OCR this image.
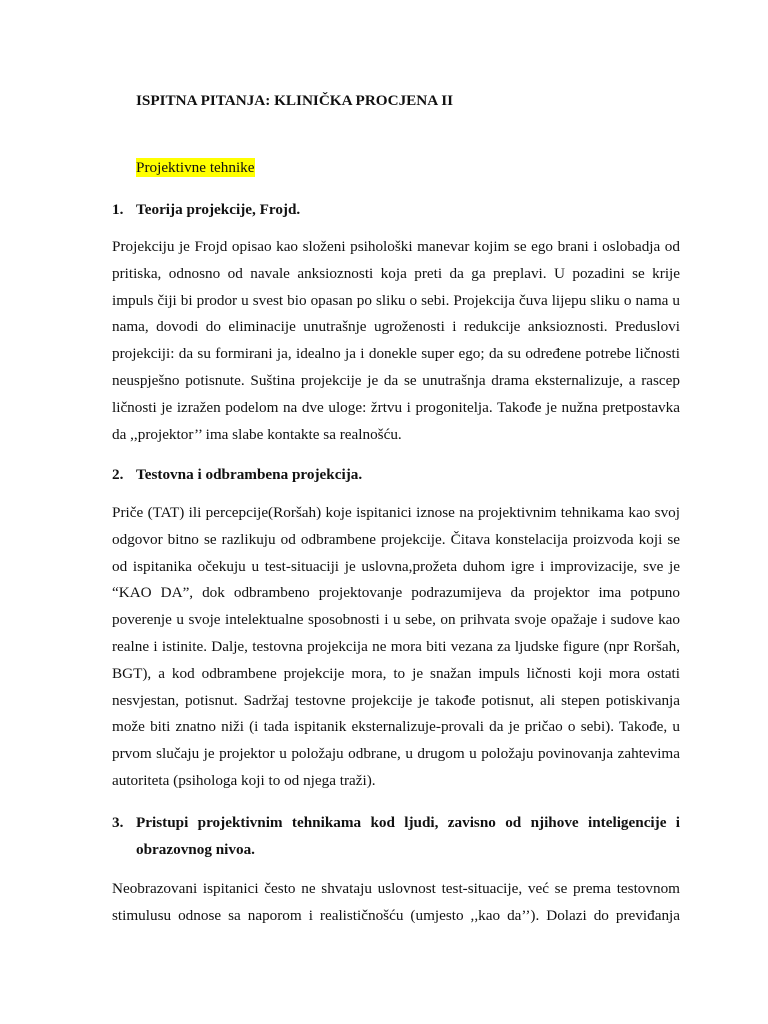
ISPITNA PITANJA: KLINIČKA PROCJENA II

Projektivne tehnike

1. Teorija projekcije, Frojd.
Projekciju je Frojd opisao kao složeni psihološki manevar kojim se ego brani i oslobadja od
pritiska, odnosno od navale anksioznosti koja preti da ga preplavi. U pozadini se krije
impuls čiji bi prodor u svest bio opasan po sliku o sebi. Projekcija čuva lijepu sliku o nama u
nama, dovodi do eliminacije unutrašnje ugroženosti i redukcije anksioznosti. Preduslovi
projekciji: da su formirani ja, idealno ja i donekle super ego; da su određene potrebe ličnosti
neuspješno potisnute. Suština projekcije je da se unutrašnja drama eksternalizuje, a rascep
ličnosti je izražen podelom na dve uloge: žrtvu i progonitelja. Takođe je nužna pretpostavka
da ,,projektor’’ ima slabe kontakte sa realnošću.
2. Testovna i odbrambena projekcija.
Priče (TAT) ili percepcije(Roršah) koje ispitanici iznose na projektivnim tehnikama kao svoj
odgovor bitno se razlikuju od odbrambene projekcije. Čitava konstelacija proizvoda koji se
od ispitanika očekuju u test-situaciji je uslovna,prožeta duhom igre i improvizacije, sve je
“KAO DA”, dok odbrambeno projektovanje podrazumijeva da projektor ima potpuno
poverenje u svoje intelektualne sposobnosti i u sebe, on prihvata svoje opažaje i sudove kao
realne i istinite. Dalje, testovna projekcija ne mora biti vezana za ljudske figure (npr Roršah,
BGT), a kod odbrambene projekcije mora, to je snažan impuls ličnosti koji mora ostati
nesvjestan, potisnut. Sadržaj testovne projekcije je takođe potisnut, ali stepen potiskivanja
može biti znatno niži (i tada ispitanik eksternalizuje-provali da je pričao o sebi). Takođe, u
prvom slučaju je projektor u položaju odbrane, u drugom u položaju povinovanja zahtevima
autoriteta (psihologa koji to od njega traži).
3. Pristupi projektivnim tehnikama kod ljudi, zavisno od njihove inteligencije i obrazovnog nivoa.
Neobrazovani ispitanici često ne shvataju uslovnost test-situacije, već se prema testovnom
stimulusu odnose sa naporom i realističnošću (umjesto ,,kao da’’). Dolazi do previđanja
